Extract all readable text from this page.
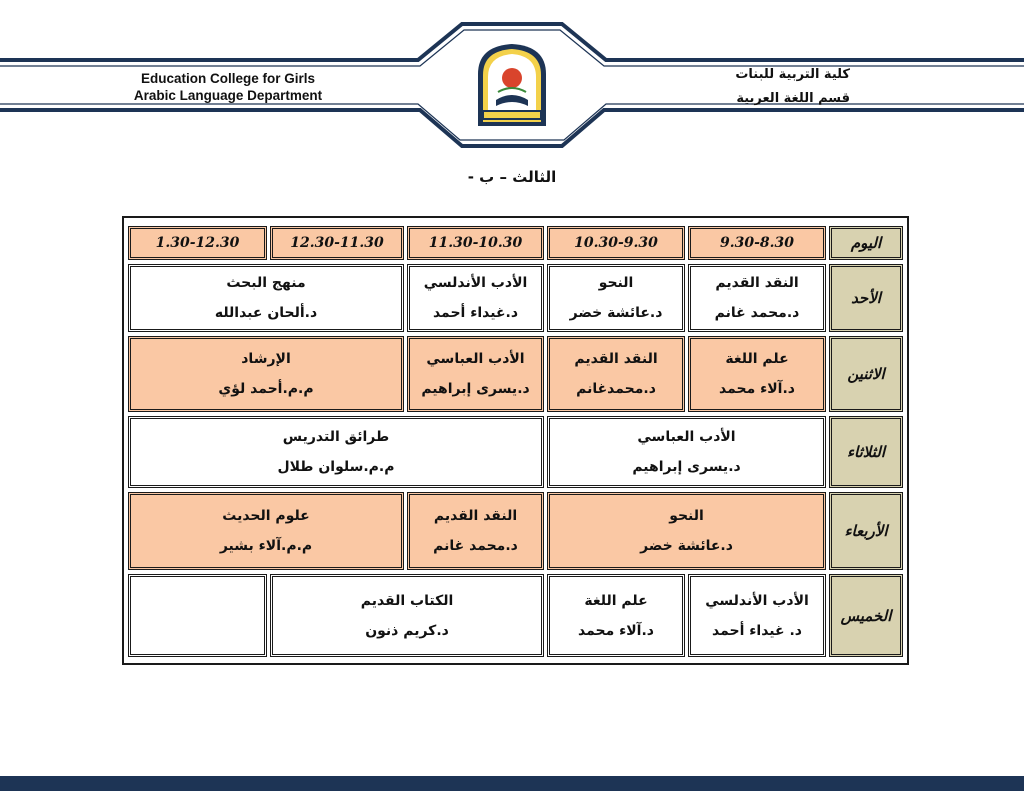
Education College for Girls
Arabic Language Department
كلية التربية للبنات
قسم اللغة العربية
الثالث – ب -
اليوم
9.30-8.30
10.30-9.30
11.30-10.30
12.30-11.30
1.30-12.30
الأحد
النقد القديم
د.محمد غانم
النحو
د.عائشة خضر
الأدب الأندلسي
د.غيداء أحمد
منهج البحث
د.ألحان عبدالله
الاثنين
علم اللغة
د.آلاء محمد
النقد القديم
د.محمدغانم
الأدب العباسي
د.يسرى إبراهيم
الإرشاد
م.م.أحمد لؤي
الثلاثاء
الأدب العباسي
د.يسرى إبراهيم
طرائق التدريس
م.م.سلوان طلال
الأربعاء
النحو
د.عائشة خضر
النقد القديم
د.محمد غانم
علوم الحديث
م.م.آلاء بشير
الخميس
الأدب الأندلسي
د. غيداء أحمد
علم اللغة
د.آلاء محمد
الكتاب القديم
د.كريم ذنون
